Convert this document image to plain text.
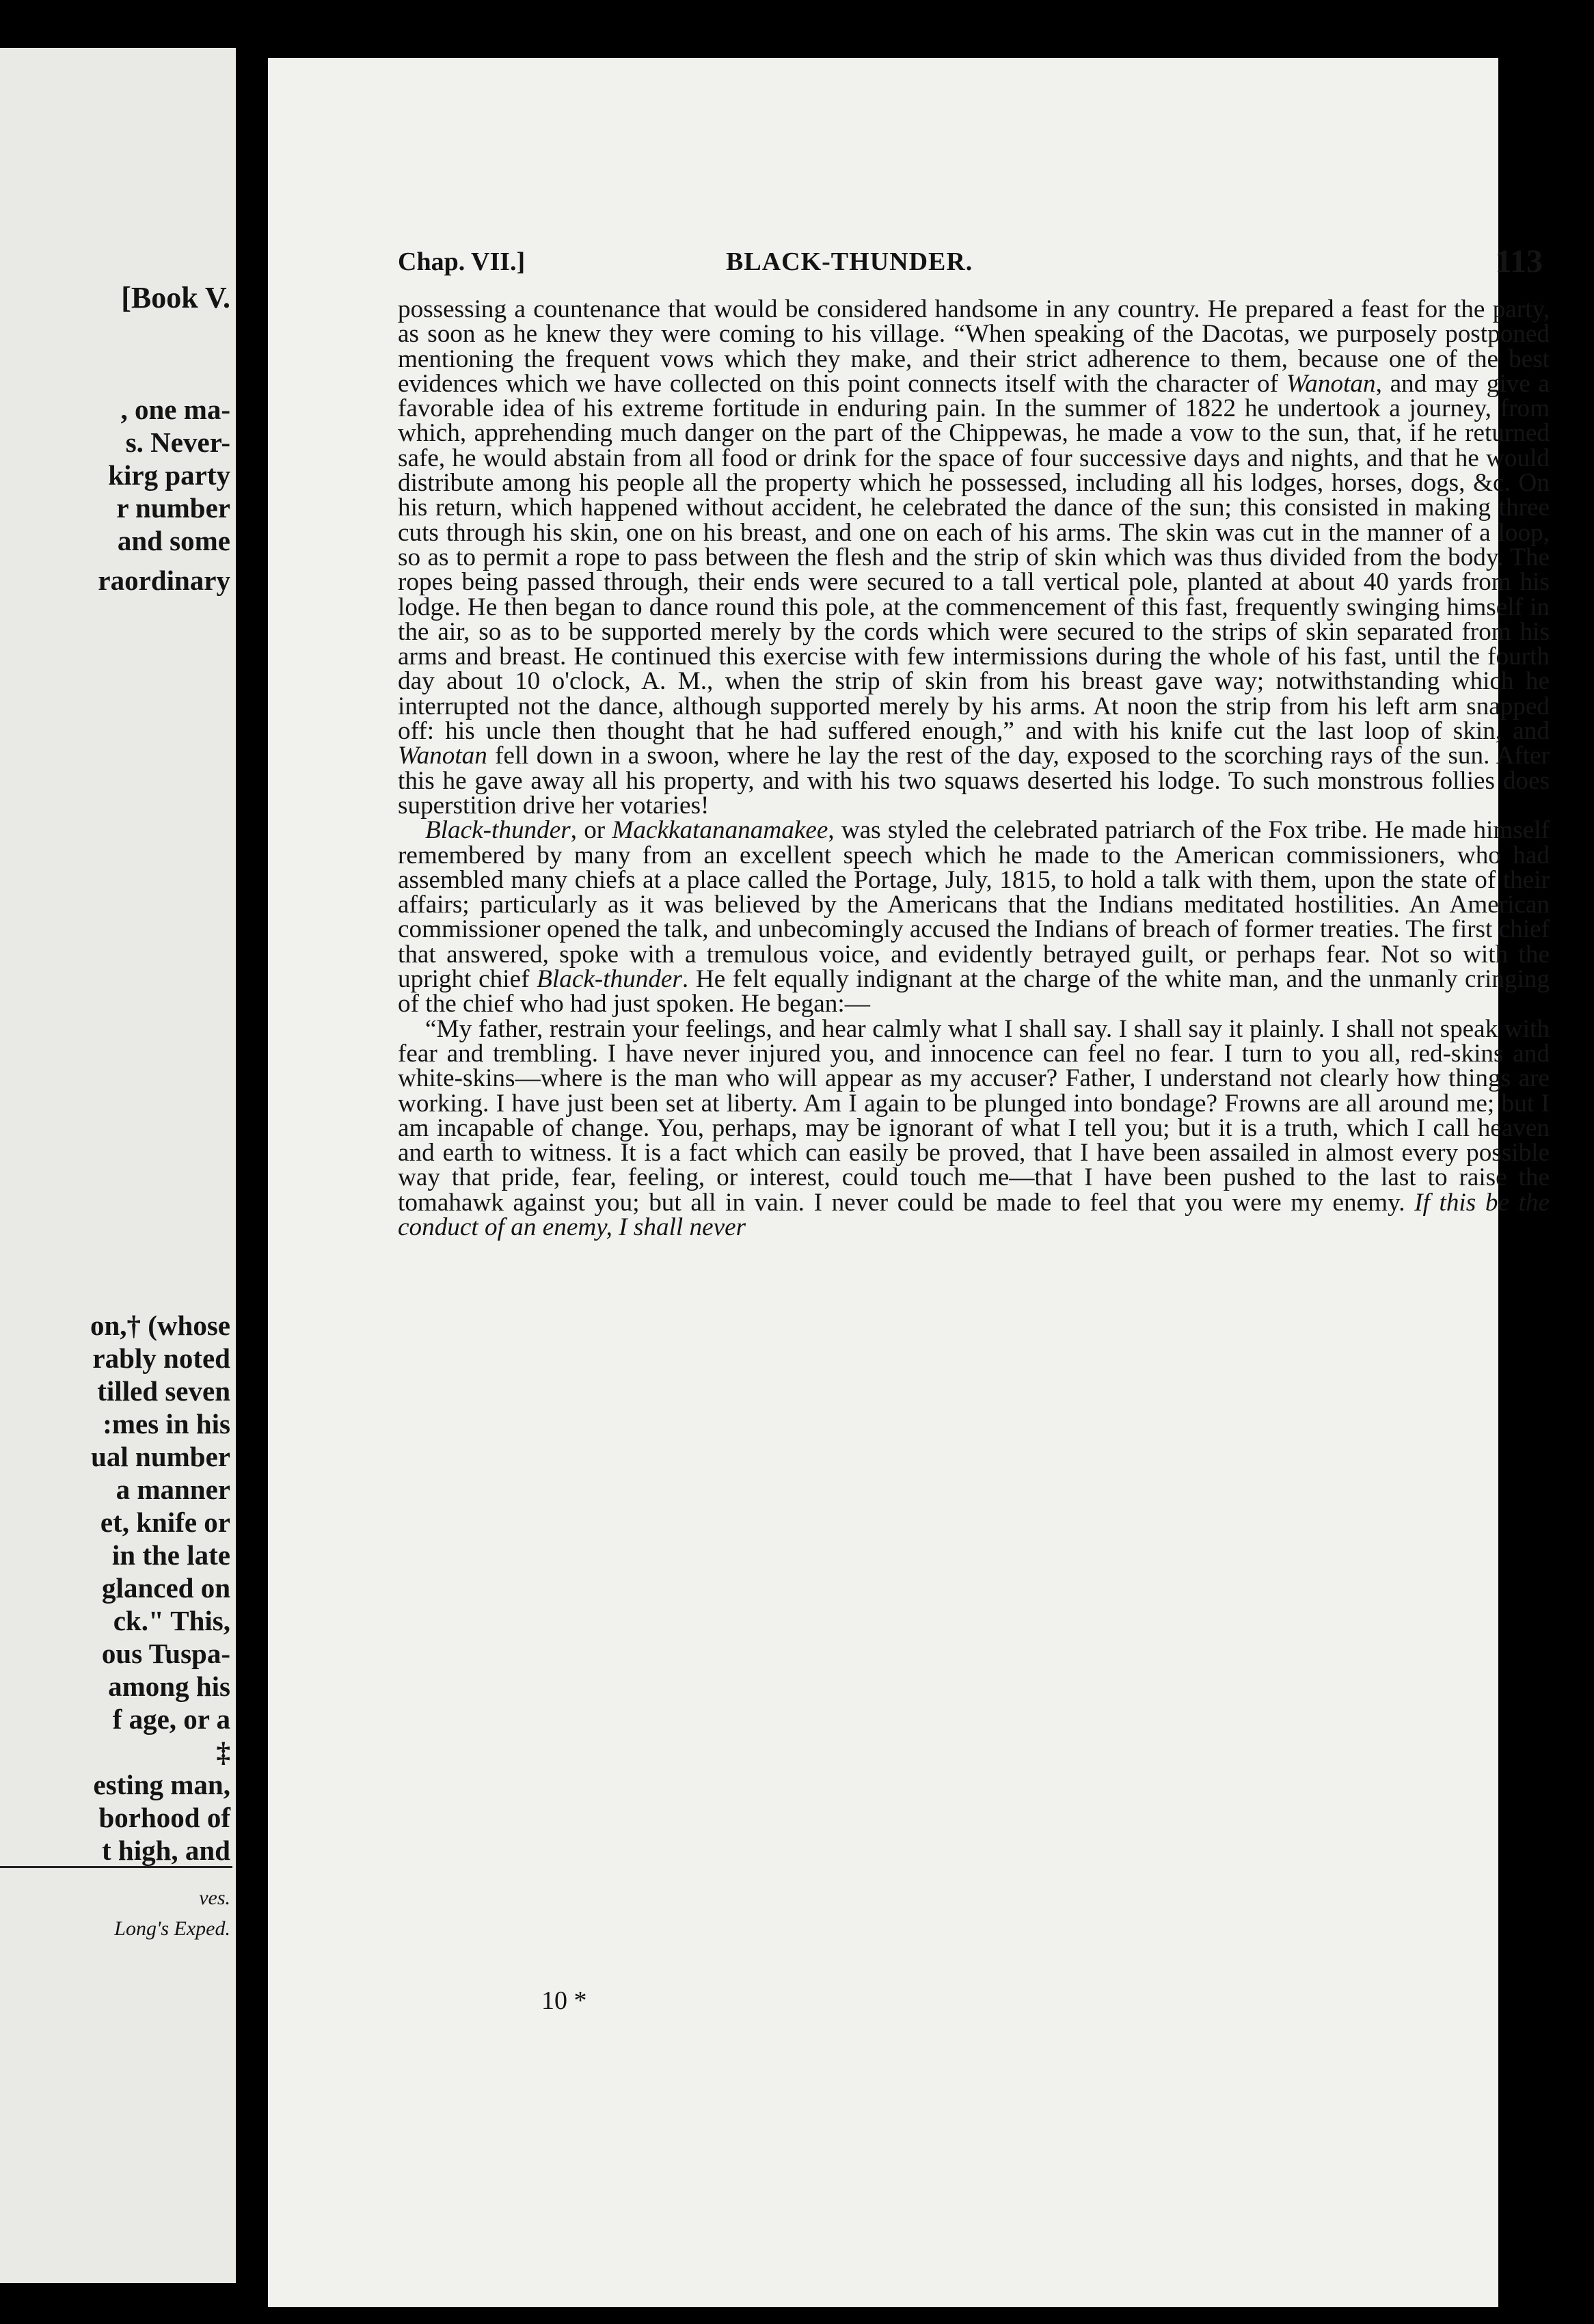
[Book V.
, one ma-
s. Never-
kirg party
r number
and some
raordinary
on,† (whose
rably noted
tilled seven
:mes in his
ual number
a manner
et, knife or
in the late
glanced on
ck." This,
ous Tuspa-
among his
f age, or a
‡
esting man,
borhood of
t high, and
ves.
Long's Exped.
Chap. VII.]	BLACK-THUNDER.	113

possessing a countenance that would be considered handsome in any country. He prepared a feast for the party, as soon as he knew they were coming to his village. “When speaking of the Dacotas, we purposely postponed mentioning the frequent vows which they make, and their strict adherence to them, because one of the best evidences which we have collected on this point connects itself with the character of Wanotan, and may give a favorable idea of his extreme fortitude in enduring pain. In the summer of 1822 he undertook a journey, from which, apprehending much danger on the part of the Chippewas, he made a vow to the sun, that, if he returned safe, he would abstain from all food or drink for the space of four successive days and nights, and that he would distribute among his people all the property which he possessed, including all his lodges, horses, dogs, &c. On his return, which happened without accident, he celebrated the dance of the sun; this consisted in making three cuts through his skin, one on his breast, and one on each of his arms. The skin was cut in the manner of a loop, so as to permit a rope to pass between the flesh and the strip of skin which was thus divided from the body. The ropes being passed through, their ends were secured to a tall vertical pole, planted at about 40 yards from his lodge. He then began to dance round this pole, at the commencement of this fast, frequently swinging himself in the air, so as to be supported merely by the cords which were secured to the strips of skin separated from his arms and breast. He continued this exercise with few intermissions during the whole of his fast, until the fourth day about 10 o'clock, A. M., when the strip of skin from his breast gave way; notwithstanding which he interrupted not the dance, although supported merely by his arms. At noon the strip from his left arm snapped off: his uncle then thought that he had suffered enough,” and with his knife cut the last loop of skin, and Wanotan fell down in a swoon, where he lay the rest of the day, exposed to the scorching rays of the sun. After this he gave away all his property, and with his two squaws deserted his lodge. To such monstrous follies does superstition drive her votaries!

Black-thunder, or Mackkatananamakee, was styled the celebrated patriarch of the Fox tribe. He made himself remembered by many from an excellent speech which he made to the American commissioners, who had assembled many chiefs at a place called the Portage, July, 1815, to hold a talk with them, upon the state of their affairs; particularly as it was believed by the Americans that the Indians meditated hostilities. An American commissioner opened the talk, and unbecomingly accused the Indians of breach of former treaties. The first chief that answered, spoke with a tremulous voice, and evidently betrayed guilt, or perhaps fear. Not so with the upright chief Black-thunder. He felt equally indignant at the charge of the white man, and the unmanly cringing of the chief who had just spoken. He began:—

“My father, restrain your feelings, and hear calmly what I shall say. I shall say it plainly. I shall not speak with fear and trembling. I have never injured you, and innocence can feel no fear. I turn to you all, red-skins and white-skins—where is the man who will appear as my accuser? Father, I understand not clearly how things are working. I have just been set at liberty. Am I again to be plunged into bondage? Frowns are all around me; but I am incapable of change. You, perhaps, may be ignorant of what I tell you; but it is a truth, which I call heaven and earth to witness. It is a fact which can easily be proved, that I have been assailed in almost every possible way that pride, fear, feeling, or interest, could touch me—that I have been pushed to the last to raise the tomahawk against you; but all in vain. I never could be made to feel that you were my enemy. If this be the conduct of an enemy, I shall never

10 *
